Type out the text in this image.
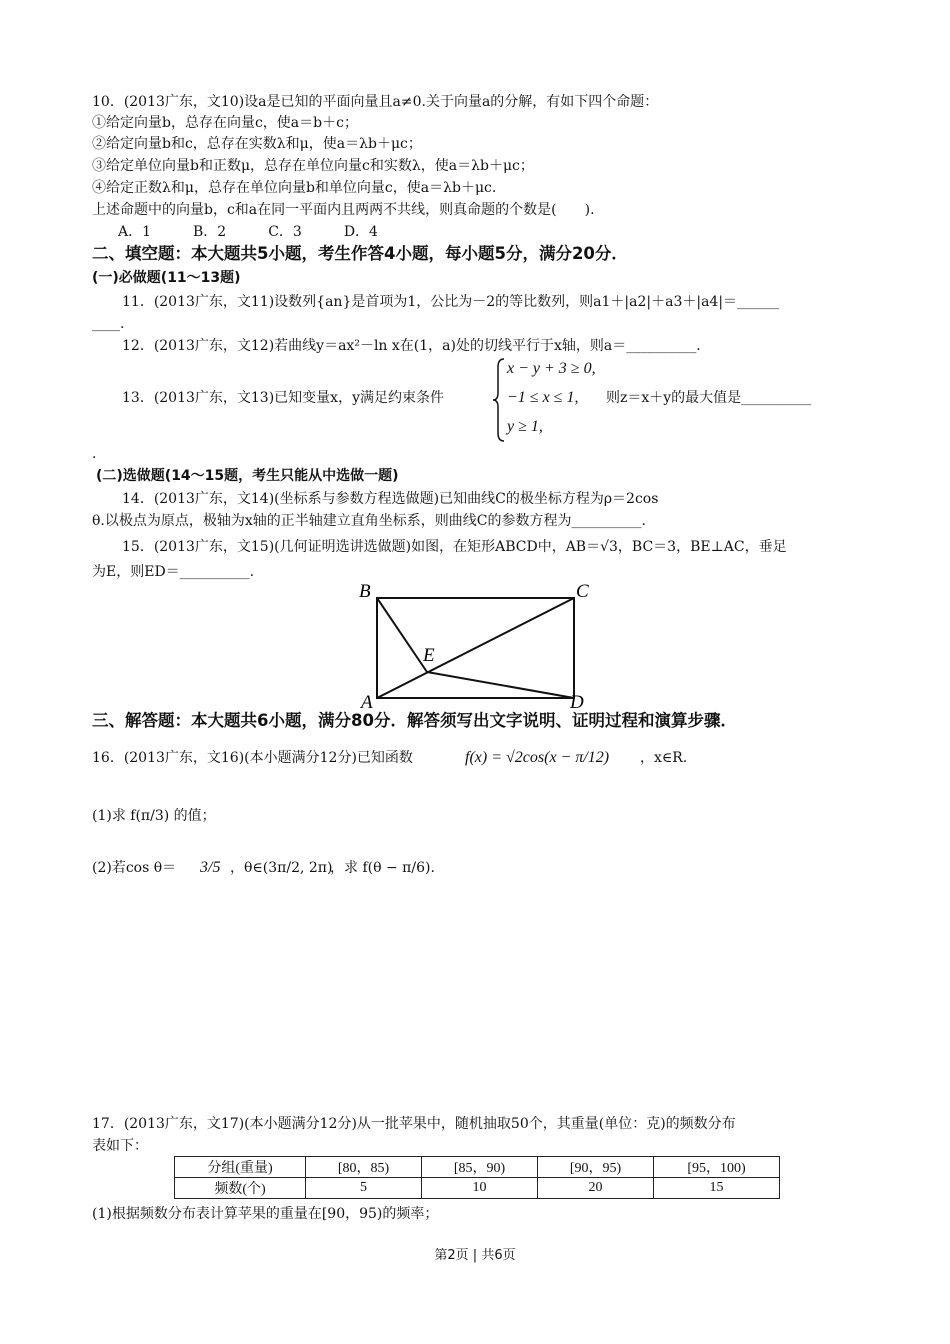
10．(2013广东，文10)设a是已知的平面向量且a≠0.关于向量a的分解，有如下四个命题：
①给定向量b，总存在向量c，使a＝b＋c；
②给定向量b和c，总存在实数λ和μ，使a＝λb＋μc；
③给定单位向量b和正数μ，总存在单位向量c和实数λ，使a＝λb＋μc；
④给定正数λ和μ，总存在单位向量b和单位向量c，使a＝λb＋μc.
上述命题中的向量b，c和a在同一平面内且两两不共线，则真命题的个数是(　　).
A．1　　　B．2　　　C．3　　　D．4
二、填空题：本大题共5小题，考生作答4小题，每小题5分，满分20分．
(一)必做题(11～13题)
11．(2013广东，文11)设数列{an}是首项为1，公比为－2的等比数列，则a1＋|a2|＋a3＋|a4|＝______
____.
12．(2013广东，文12)若曲线y＝ax²－ln x在(1，a)处的切线平行于x轴，则a＝__________.
13．(2013广东，文13)已知变量x，y满足约束条件
x − y + 3 ≥ 0,
−1 ≤ x ≤ 1,
y ≥ 1,
则z＝x＋y的最大值是__________
.
(二)选做题(14～15题，考生只能从中选做一题)
14．(2013广东，文14)(坐标系与参数方程选做题)已知曲线C的极坐标方程为ρ＝2cos
θ.以极点为原点，极轴为x轴的正半轴建立直角坐标系，则曲线C的参数方程为__________.
15．(2013广东，文15)(几何证明选讲选做题)如图，在矩形ABCD中，AB＝√3，BC＝3，BE⊥AC，垂足
为E，则ED＝__________.
B	C
E
A	D
三、解答题：本大题共6小题，满分80分．解答须写出文字说明、证明过程和演算步骤．
16．(2013广东，文16)(本小题满分12分)已知函数	f(x) = √2cos(x − π/12) ，x∈R.
(1)求 f(π/3) 的值；
(2)若cos θ＝ 3/5 ，θ∈(3π/2, 2π)
，求 f(θ − π/6).
17．(2013广东，文17)(本小题满分12分)从一批苹果中，随机抽取50个，其重量(单位：克)的频数分布
表如下：
分组(重量)	[80，85)	[85，90)	[90，95)	[95，100)
频数(个)	5	10	20	15
(1)根据频数分布表计算苹果的重量在[90，95)的频率；
第2页 | 共6页
